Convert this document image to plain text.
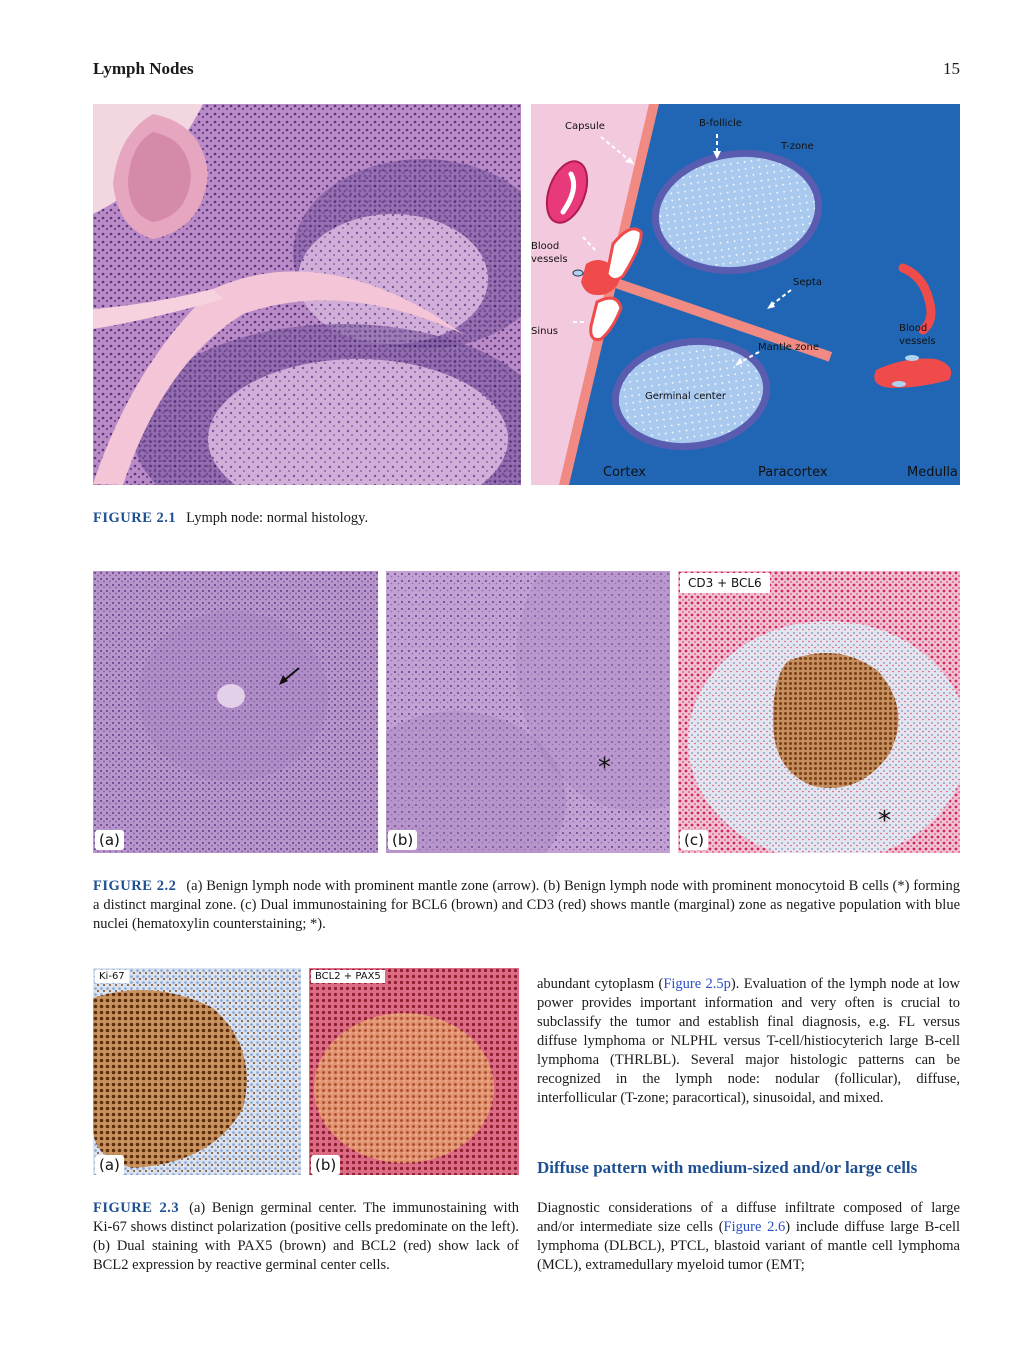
Lymph Nodes	15
Capsule	B-follicle
T-zone
Blood
vessels
Septa
Sinus
Mantle zone
Germinal center
Blood
vessels
Cortex	Paracortex	Medulla
FIGURE 2.1 Lymph node: normal histology.
(a)
*
(b)
*
CD3 + BCL6
(c)
FIGURE 2.2 (a) Benign lymph node with prominent mantle zone (arrow). (b) Benign lymph node with prominent monocytoid B cells (*) forming a distinct marginal zone. (c) Dual immunostaining for BCL6 (brown) and CD3 (red) shows mantle (marginal) zone as negative population with blue nuclei (hematoxylin counterstaining; *).
Ki-67
(a)
BCL2 + PAX5
(b)
FIGURE 2.3 (a) Benign germinal center. The immunostaining with Ki-67 shows distinct polarization (positive cells predominate on the left). (b) Dual staining with PAX5 (brown) and BCL2 (red) show lack of BCL2 expression by reactive germinal center cells.
abundant cytoplasm (Figure 2.5p). Evaluation of the lymph node at low power provides important information and very often is crucial to subclassify the tumor and establish final diagnosis, e.g. FL versus diffuse lymphoma or NLPHL versus T-cell/histiocyterich large B-cell lymphoma (THRLBL). Several major histologic patterns can be recognized in the lymph node: nodular (follicular), diffuse, interfollicular (T-zone; paracortical), sinusoidal, and mixed.
Diffuse pattern with medium-sized and/or large cells
Diagnostic considerations of a diffuse infiltrate composed of large and/or intermediate size cells (Figure 2.6) include diffuse large B-cell lymphoma (DLBCL), PTCL, blastoid variant of mantle cell lymphoma (MCL), extramedullary myeloid tumor (EMT;
